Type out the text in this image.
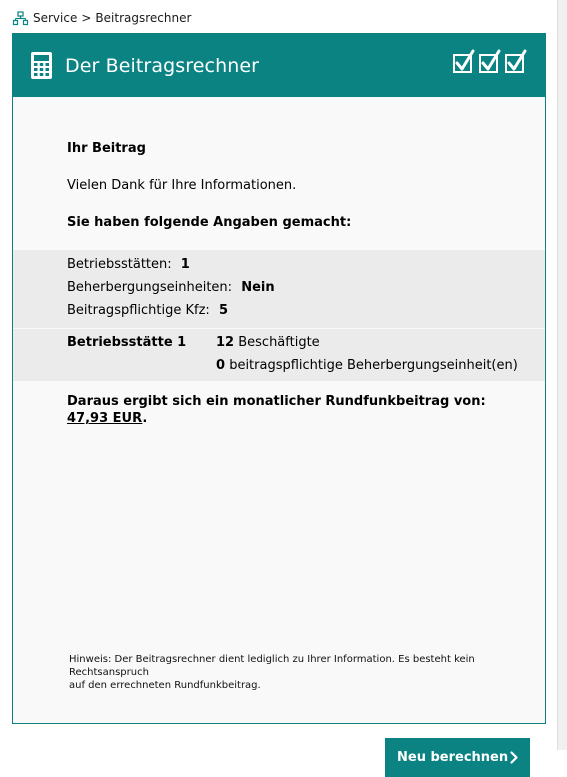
Service > Beitragsrechner
Der Beitragsrechner
Ihr Beitrag
Vielen Dank für Ihre Informationen.
Sie haben folgende Angaben gemacht:
Betriebsstätten: 1
Beherbergungseinheiten: Nein
Beitragspflichtige Kfz: 5
Betriebsstätte 1 12 Beschäftigte
0 beitragspflichtige Beherbergungseinheit(en)
Daraus ergibt sich ein monatlicher Rundfunkbeitrag von:
47,93 EUR.
Hinweis: Der Beitragsrechner dient lediglich zu Ihrer Information. Es besteht kein Rechtsanspruch
auf den errechneten Rundfunkbeitrag.
Neu berechnen
